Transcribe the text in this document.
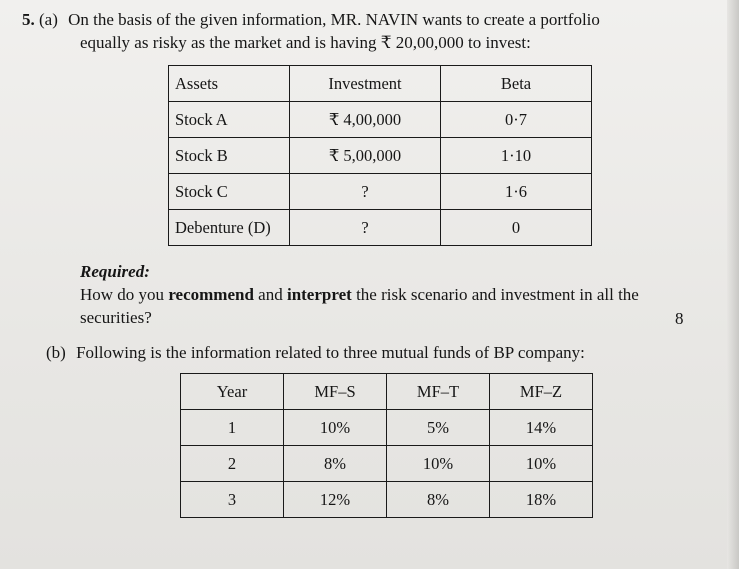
5. (a) On the basis of the given information, MR. NAVIN wants to create a portfolio
equally as risky as the market and is having ₹ 20,00,000 to invest:
Assets	Investment	Beta
Stock A	₹ 4,00,000	0·7
Stock B	₹ 5,00,000	1·10
Stock C	?	1·6
Debenture (D)	?	0
Required:
How do you recommend and interpret the risk scenario and investment in all the
securities?	8
(b) Following is the information related to three mutual funds of BP company:
Year	MF–S	MF–T	MF–Z
1	10%	5%	14%
2	8%	10%	10%
3	12%	8%	18%
